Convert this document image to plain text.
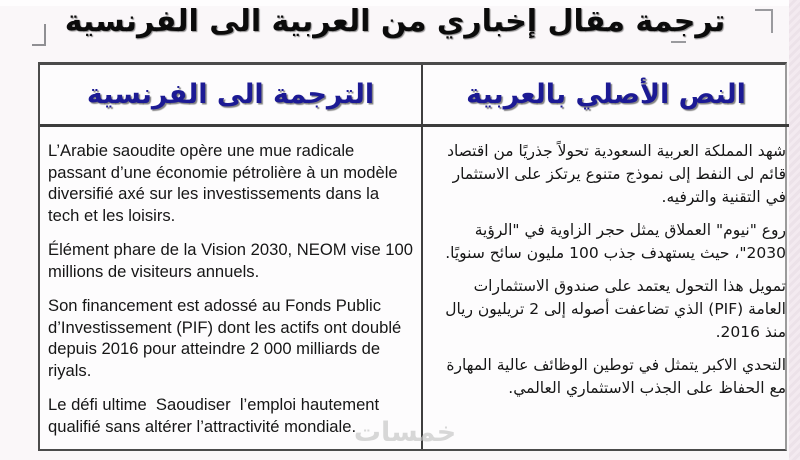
ترجمة مقال إخباري من العربية الى الفرنسية
الترجمة الى الفرنسية	النص الأصلي بالعربية

L’Arabie saoudite opère une mue radicale passant d’une économie pétrolière à un modèle diversifié axé sur les investissements dans la  tech et les loisirs.

Élément phare de la Vision 2030, NEOM vise 100 millions de visiteurs annuels.

Son financement est adossé au Fonds Public d’Investissement (PIF) dont les actifs ont doublé depuis 2016 pour atteindre 2 000 milliards de riyals.

Le défi ultime  Saoudiser  l’emploi hautement qualifié sans altérer l’attractivité mondiale.

شهد المملكة العربية السعودية تحولاً جذريًا من اقتصاد قائم لى النفط إلى نموذج متنوع يرتكز على الاستثمار في التقنية والترفيه.

روع "نيوم" العملاق يمثل حجر الزاوية في "الرؤية 2030"، حيث يستهدف جذب 100 مليون سائح سنويًا.

تمويل هذا التحول يعتمد على صندوق الاستثمارات العامة (PIF) الذي تضاعفت أصوله إلى 2 تريليون ريال منذ 2016.

التحدي الاكبر يتمثل في توطين الوظائف عالية المهارة مع الحفاظ على الجذب الاستثماري العالمي.

خمسات
